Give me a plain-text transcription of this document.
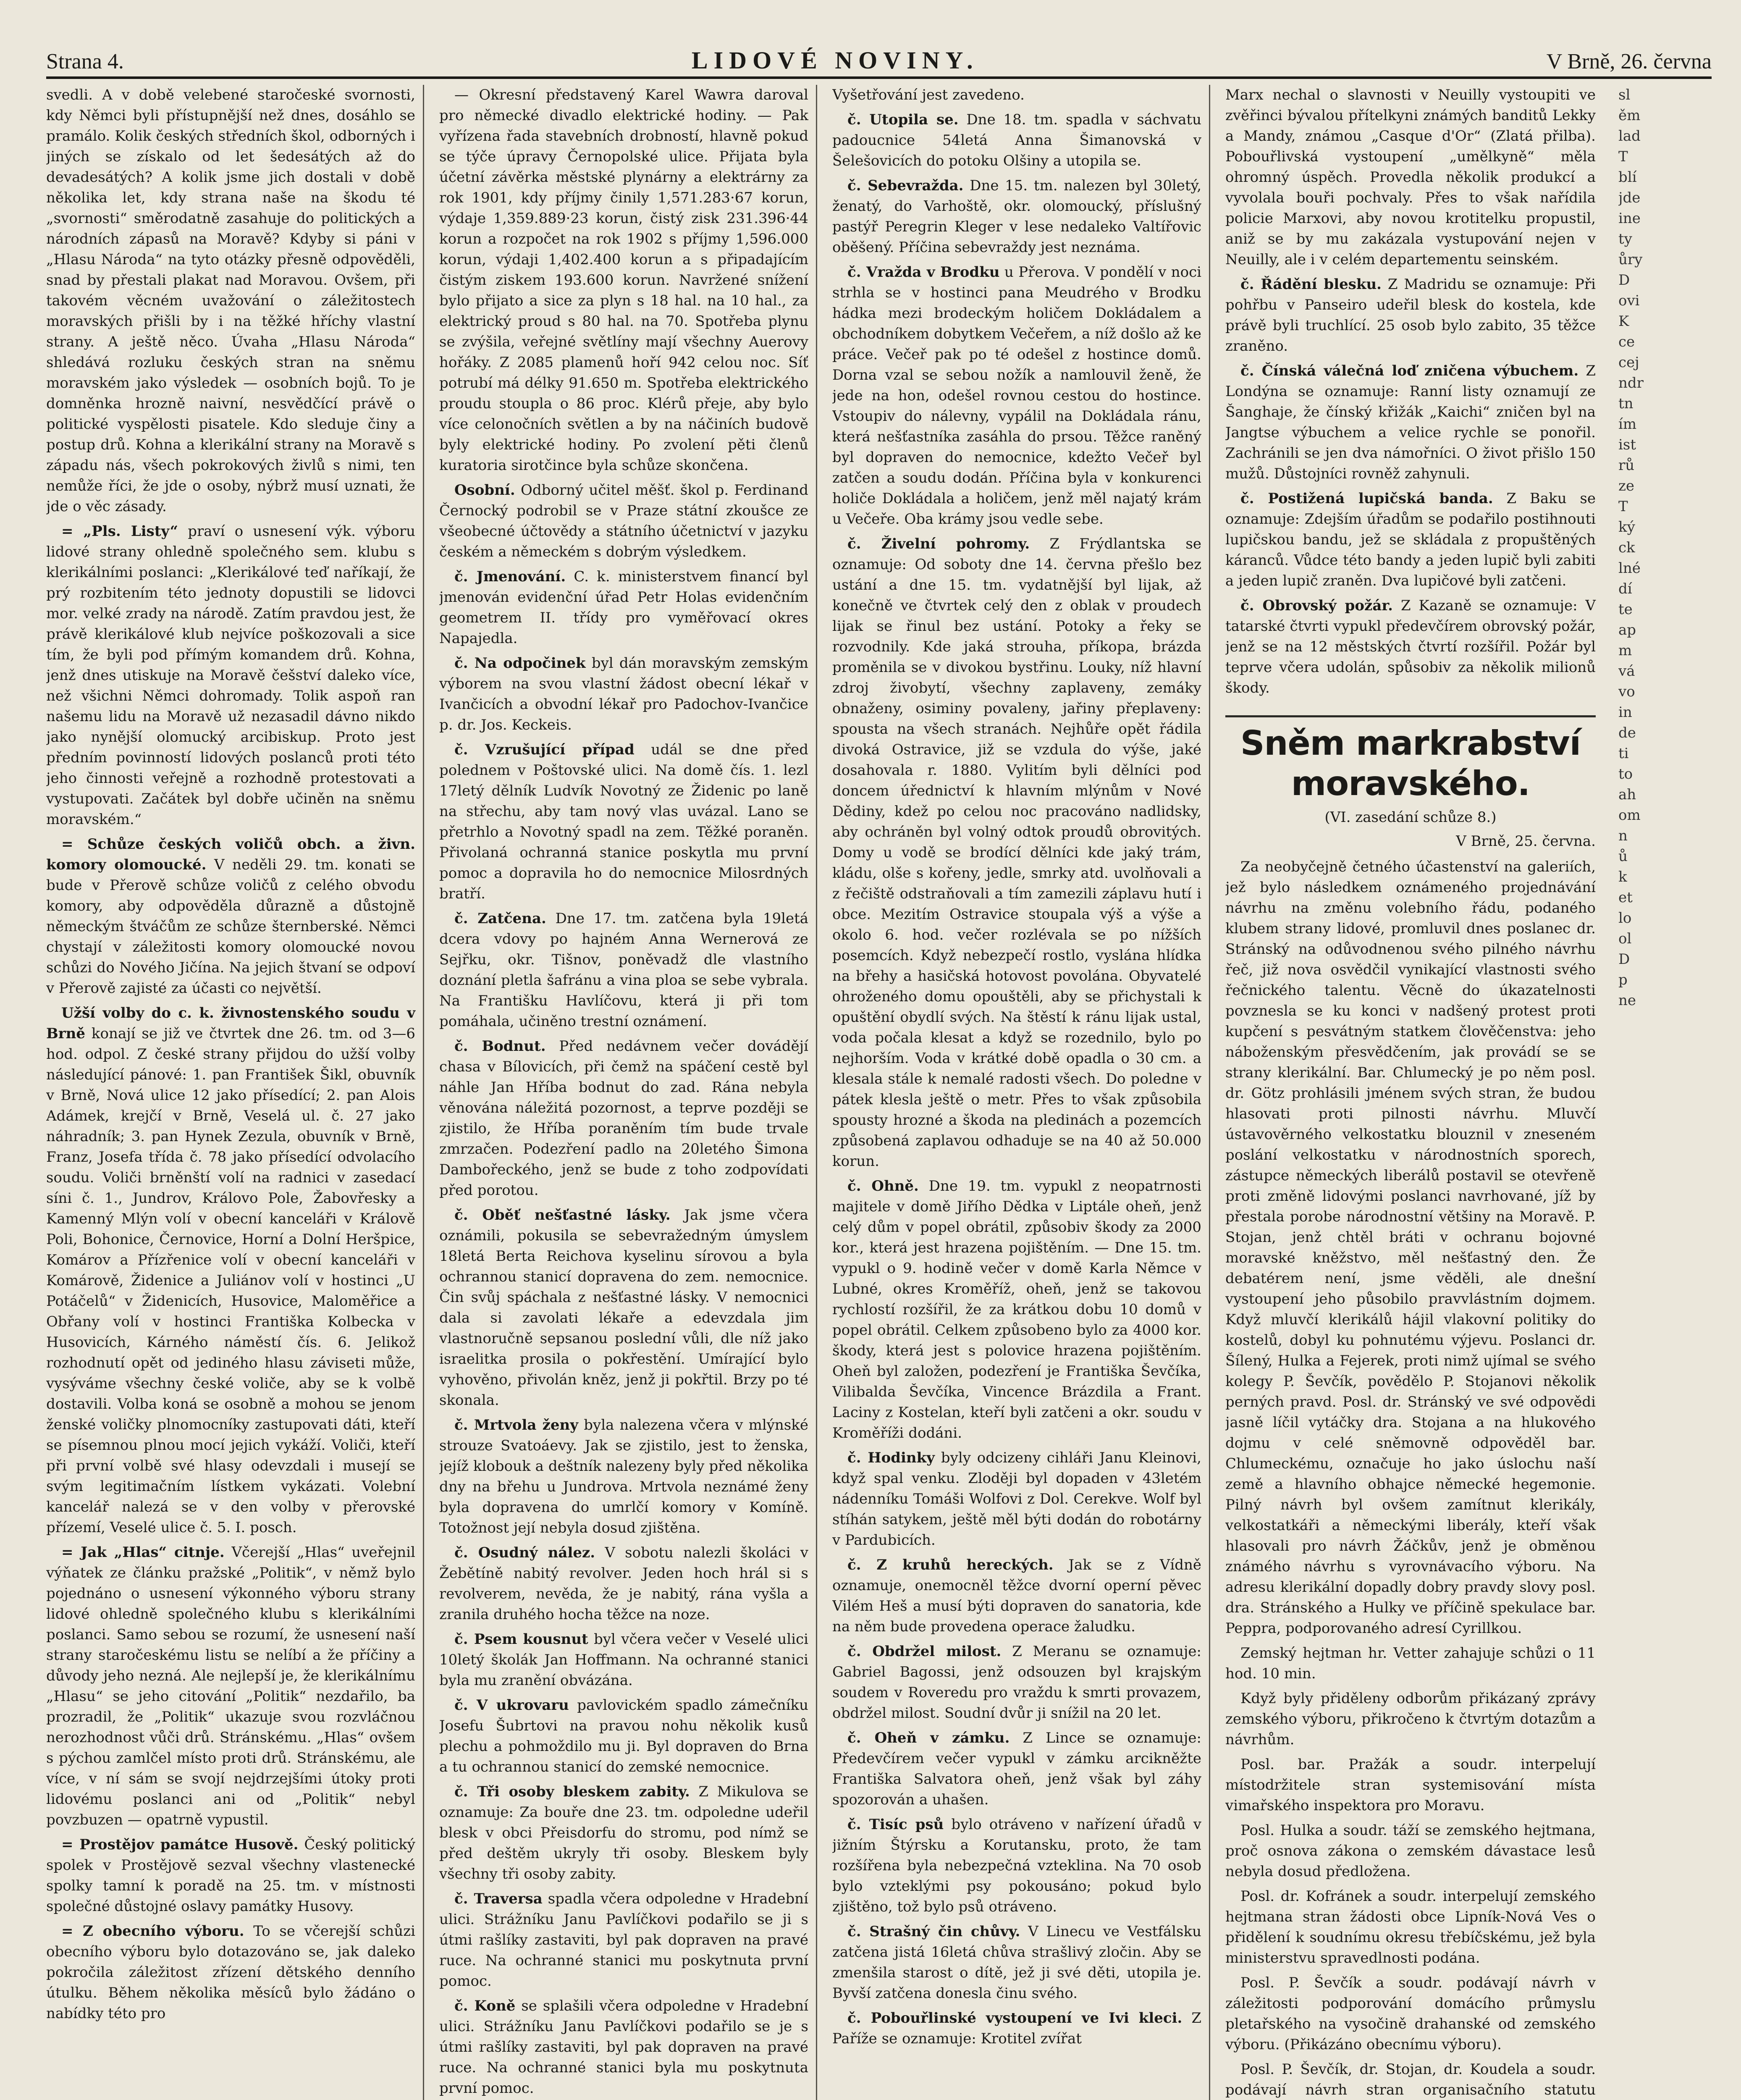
Strana 4.	LIDOVÉ NOVINY.	V Brně, 26. června

svedli. A v době velebené staročeské svornosti, kdy Němci byli přístupnější než dnes, dosáhlo se pramálo. Kolik českých středních škol, odborných i jiných se získalo od let šedesátých až do devadesátých? A kolik jsme jich dostali v době několika let, kdy strana naše na škodu té „svornosti“ směrodatně zasahuje do politických a národních zápasů na Moravě? Kdyby si páni v „Hlasu Národa“ na tyto otázky přesně odpověděli, snad by přestali plakat nad Moravou. Ovšem, při takovém věcném uvažování o záležitostech moravských přišli by i na těžké hříchy vlastní strany. A ještě něco. Úvaha „Hlasu Národa“ shledává rozluku českých stran na sněmu moravském jako výsledek — osobních bojů. To je domněnka hrozně naivní, nesvědčící právě o politické vyspělosti pisatele. Kdo sleduje činy a postup drů. Kohna a klerikální strany na Moravě s západu nás, všech pokrokových živlů s nimi, ten nemůže říci, že jde o osoby, nýbrž musí uznati, že jde o věc zásady.

= „Pls. Listy“ praví o usnesení výk. výboru lidové strany ohledně společného sem. klubu s klerikálními poslanci: „Klerikálové teď naříkají, že prý rozbitením této jednoty dopustili se lidovci mor. velké zrady na národě. Zatím pravdou jest, že právě klerikálové klub nejvíce poškozovali a sice tím, že byli pod přímým komandem drů. Kohna, jenž dnes utiskuje na Moravě češství daleko více, než všichni Němci dohromady. Tolik aspoň ran našemu lidu na Moravě už nezasadil dávno nikdo jako nynější olomucký arcibiskup. Proto jest předním povinností lidových poslanců proti této jeho činnosti veřejně a rozhodně protestovati a vystupovati. Začátek byl dobře učiněn na sněmu moravském.“

= Schůze českých voličů obch. a živn. komory olomoucké. V neděli 29. tm. konati se bude v Přerově schůze voličů z celého obvodu komory, aby odpověděla důrazně a důstojně německým štváčům ze schůze šternberské. Němci chystají v záležitosti komory olomoucké novou schůzi do Nového Jičína. Na jejich štvaní se odpoví v Přerově zajisté za účasti co největší.

Užší volby do c. k. živnostenského soudu v Brně konají se již ve čtvrtek dne 26. tm. od 3—6 hod. odpol. Z české strany přijdou do užší volby následující pánové: 1. pan František Šikl, obuvník v Brně, Nová ulice 12 jako přísedící; 2. pan Alois Adámek, krejčí v Brně, Veselá ul. č. 27 jako náhradník; 3. pan Hynek Zezula, obuvník v Brně, Franz, Josefa třída č. 78 jako přísedící odvolacího soudu. Voliči brněnští volí na radnici v zasedací síni č. 1., Jundrov, Královo Pole, Žabovřesky a Kamenný Mlýn volí v obecní kanceláři v Králově Poli, Bohonice, Černovice, Horní a Dolní Heršpice, Komárov a Přízřenice volí v obecní kanceláři v Komárově, Židenice a Juliánov volí v hostinci „U Potáčelů“ v Židenicích, Husovice, Maloměřice a Obřany volí v hostinci Františka Kolbecka v Husovicích, Kárného náměstí čís. 6. Jelikož rozhodnutí opět od jediného hlasu záviseti může, vysýváme všechny české voliče, aby se k volbě dostavili. Volba koná se osobně a mohou se jenom ženské voličky plnomocníky zastupovati dáti, kteří se písemnou plnou mocí jejich vykáží. Voliči, kteří při první volbě své hlasy odevzdali i musejí se svým legitimačním lístkem vykázati. Volební kancelář nalezá se v den volby v přerovské přízemí, Veselé ulice č. 5. I. posch.

= Jak „Hlas“ citnje. Včerejší „Hlas“ uveřejnil výňatek ze článku pražské „Politik“, v němž bylo pojednáno o usnesení výkonného výboru strany lidové ohledně společného klubu s klerikálními poslanci. Samo sebou se rozumí, že usnesení naší strany staročeskému listu se nelíbí a že příčiny a důvody jeho nezná. Ale nejlepší je, že klerikálnímu „Hlasu“ se jeho citování „Politik“ nezdařilo, ba prozradil, že „Politik“ ukazuje svou rozvláčnou nerozhodnost vůči drů. Stránskému. „Hlas“ ovšem s pýchou zamlčel místo proti drů. Stránskému, ale více, v ní sám se svojí nejdrzejšími útoky proti lidovému poslanci ani od „Politik“ nebyl povzbuzen — opatrně vypustil.

= Prostějov památce Husově. Český politický spolek v Prostějově sezval všechny vlastenecké spolky tamní k poradě na 25. tm. v místnosti společné důstojné oslavy památky Husovy.

= Z obecního výboru. To se včerejší schůzi obecního výboru bylo dotazováno se, jak daleko pokročila záležitost zřízení dětského denního útulku. Během několika měsíců bylo žádáno o nabídky této pro

— Okresní představený Karel Wawra daroval pro německé divadlo elektrické hodiny. — Pak vyřízena řada stavebních drobností, hlavně pokud se týče úpravy Černopolské ulice. Přijata byla účetní závěrka městské plynárny a elektrárny za rok 1901, kdy příjmy činily 1,571.283·67 korun, výdaje 1,359.889·23 korun, čistý zisk 231.396·44 korun a rozpočet na rok 1902 s příjmy 1,596.000 korun, výdaji 1,402.400 korun a s připadajícím čistým ziskem 193.600 korun. Navržené snížení bylo přijato a sice za plyn s 18 hal. na 10 hal., za elektrický proud s 80 hal. na 70. Spotřeba plynu se zvýšila, veřejné světlíny mají všechny Auerovy hořáky. Z 2085 plamenů hoří 942 celou noc. Síť potrubí má délky 91.650 m. Spotřeba elektrického proudu stoupla o 86 proc. Klérů přeje, aby bylo více celonočních světlen a by na náčiních budově byly elektrické hodiny. Po zvolení pěti členů kuratoria sirotčince byla schůze skončena.

Osobní. Odborný učitel měšť. škol p. Ferdinand Černocký podrobil se v Praze státní zkoušce ze všeobecné účtovědy a státního účetnictví v jazyku českém a německém s dobrým výsledkem.

č. Jmenování. C. k. ministerstvem financí byl jmenován evidenční úřad Petr Holas evidenčním geometrem II. třídy pro vyměřovací okres Napajedla.

č. Na odpočinek byl dán moravským zemským výborem na svou vlastní žádost obecní lékař v Ivančicích a obvodní lékař pro Padochov-Ivančice p. dr. Jos. Keckeis.

č. Vzrušující případ udál se dne před polednem v Poštovské ulici. Na domě čís. 1. lezl 17letý dělník Ludvík Novotný ze Židenic po laně na střechu, aby tam nový vlas uvázal. Lano se přetrhlo a Novotný spadl na zem. Těžké poraněn. Přivolaná ochranná stanice poskytla mu první pomoc a dopravila ho do nemocnice Milosrdných bratří.

č. Zatčena. Dne 17. tm. zatčena byla 19letá dcera vdovy po hajném Anna Wernerová ze Sejřku, okr. Tišnov, poněvadž dle vlastního doznání pletla šafránu a vina ploa se sebe vybrala. Na Františku Havlíčovu, která ji při tom pomáhala, učiněno trestní oznámení.

č. Bodnut. Před nedávnem večer dovádějí chasa v Bílovicích, při čemž na spáčení cestě byl náhle Jan Hříba bodnut do zad. Rána nebyla věnována náležitá pozornost, a teprve později se zjistilo, že Hříba poraněním tím bude trvale zmrzačen. Podezření padlo na 20letého Šimona Dambořeckého, jenž se bude z toho zodpovídati před porotou.

č. Oběť nešťastné lásky. Jak jsme včera oznámili, pokusila se sebevražedným úmyslem 18letá Berta Reichova kyselinu sírovou a byla ochrannou stanicí dopravena do zem. nemocnice. Čin svůj spáchala z nešťastné lásky. V nemocnici dala si zavolati lékaře a edevzdala jim vlastnoručně sepsanou poslední vůli, dle níž jako israelitka prosila o pokřestění. Umírající bylo vyhověno, přivolán kněz, jenž ji pokřtil. Brzy po té skonala.

č. Mrtvola ženy byla nalezena včera v mlýnské strouze Svatoáevy. Jak se zjistilo, jest to ženska, jejíž klobouk a deštník nalezeny byly před několika dny na břehu u Jundrova. Mrtvola neznámé ženy byla dopravena do umrlčí komory v Komíně. Totožnost její nebyla dosud zjištěna.

č. Osudný nález. V sobotu nalezli školáci v Žebětíně nabitý revolver. Jeden hoch hrál si s revolverem, nevěda, že je nabitý, rána vyšla a zranila druhého hocha těžce na noze.

č. Psem kousnut byl včera večer v Veselé ulici 10letý školák Jan Hoffmann. Na ochranné stanici byla mu zranění obvázána.

č. V ukrovaru pavlovickém spadlo zámečníku Josefu Šubrtovi na pravou nohu několik kusů plechu a pohmoždilo mu ji. Byl dopraven do Brna a tu ochrannou stanicí do zemské nemocnice.

č. Tři osoby bleskem zabity. Z Mikulova se oznamuje: Za bouře dne 23. tm. odpoledne udeřil blesk v obci Přeisdorfu do stromu, pod nímž se před deštěm ukryly tři osoby. Bleskem byly všechny tři osoby zabity.

č. Traversa spadla včera odpoledne v Hradební ulici. Strážníku Janu Pavlíčkovi podařilo se ji s útmi rašlíky zastaviti, byl pak dopraven na pravé ruce. Na ochranné stanici mu poskytnuta první pomoc.

č. Koně se splašili včera odpoledne v Hradební ulici. Strážníku Janu Pavlíčkovi podařilo se je s útmi rašlíky zastaviti, byl pak dopraven na pravé ruce. Na ochranné stanici byla mu poskytnuta první pomoc.

Vyšetřování jest zavedeno.

č. Utopila se. Dne 18. tm. spadla v sáchvatu padoucnice 54letá Anna Šimanovská v Šelešovicích do potoku Olšiny a utopila se.

č. Sebevražda. Dne 15. tm. nalezen byl 30letý, ženatý, do Varhoště, okr. olomoucký, příslušný pastýř Peregrin Kleger v lese nedaleko Valtířovic oběšený. Příčina sebevraždy jest neznáma.

č. Vražda v Brodku u Přerova. V pondělí v noci strhla se v hostinci pana Meudrého v Brodku hádka mezi brodeckým holičem Dokládalem a obchodníkem dobytkem Večeřem, a níž došlo až ke práce. Večeř pak po té odešel z hostince domů. Dorna vzal se sebou nožík a namlouvil ženě, že jede na hon, odešel rovnou cestou do hostince. Vstoupiv do nálevny, vypálil na Dokládala ránu, která nešťastníka zasáhla do prsou. Těžce raněný byl dopraven do nemocnice, kdežto Večeř byl zatčen a soudu dodán. Příčina byla v konkurenci holiče Dokládala a holičem, jenž měl najatý krám u Večeře. Oba krámy jsou vedle sebe.

č. Živelní pohromy. Z Frýdlantska se oznamuje: Od soboty dne 14. června přešlo bez ustání a dne 15. tm. vydatnější byl lijak, až konečně ve čtvrtek celý den z oblak v proudech lijak se řinul bez ustání. Potoky a řeky se rozvodnily. Kde jaká strouha, příkopa, brázda proměnila se v divokou bystřinu. Louky, níž hlavní zdroj živobytí, všechny zaplaveny, zemáky obnaženy, osiminy povaleny, jařiny přeplaveny: spousta na všech stranách. Nejhůře opět řádila divoká Ostravice, již se vzdula do výše, jaké dosahovala r. 1880. Vylitím byli dělníci pod doncem úřednictví k hlavním mlýnům v Nové Dědiny, kdež po celou noc pracováno nadlidsky, aby ochráněn byl volný odtok proudů obrovitých. Domy u vodě se brodící dělníci kde jaký trám, kládu, olše s kořeny, jedle, smrky atd. uvolňovali a z řečiště odstraňovali a tím zamezili záplavu hutí i obce. Mezitím Ostravice stoupala výš a výše a okolo 6. hod. večer rozlévala se po nížších posemcích. Když nebezpečí rostlo, vyslána hlídka na břehy a hasičská hotovost povolána. Obyvatelé ohroženého domu opouštěli, aby se přichystali k opuštění obydlí svých. Na štěstí k ránu lijak ustal, voda počala klesat a když se rozednilo, bylo po nejhorším. Voda v krátké době opadla o 30 cm. a klesala stále k nemalé radosti všech. Do poledne v pátek klesla ještě o metr. Přes to však způsobila spousty hrozné a škoda na pledinách a pozemcích způsobená zaplavou odhaduje se na 40 až 50.000 korun.

č. Ohně. Dne 19. tm. vypukl z neopatrnosti majitele v domě Jiřího Dědka v Liptále oheň, jenž celý dům v popel obrátil, způsobiv škody za 2000 kor., která jest hrazena pojištěním. — Dne 15. tm. vypukl o 9. hodině večer v domě Karla Němce v Lubné, okres Kroměříž, oheň, jenž se takovou rychlostí rozšířil, že za krátkou dobu 10 domů v popel obrátil. Celkem způsobeno bylo za 4000 kor. škody, která jest s polovice hrazena pojištěním. Oheň byl založen, podezření je Františka Ševčíka, Vilibalda Ševčíka, Vincence Brázdila a Frant. Laciny z Kostelan, kteří byli zatčeni a okr. soudu v Kroměříži dodáni.

č. Hodinky byly odcizeny cihláři Janu Kleinovi, když spal venku. Zloději byl dopaden v 43letém nádenníku Tomáši Wolfovi z Dol. Cerekve. Wolf byl stíhán satykem, ještě měl býti dodán do robotárny v Pardubicích.

č. Z kruhů hereckých. Jak se z Vídně oznamuje, onemocněl těžce dvorní operní pěvec Vilém Heš a musí býti dopraven do sanatoria, kde na něm bude provedena operace žaludku.

č. Obdržel milost. Z Meranu se oznamuje: Gabriel Bagossi, jenž odsouzen byl krajským soudem v Roveredu pro vraždu k smrti provazem, obdržel milost. Soudní dvůr ji snížil na 20 let.

č. Oheň v zámku. Z Lince se oznamuje: Předevčírem večer vypukl v zámku arcikněžte Františka Salvatora oheň, jenž však byl záhy spozorován a uhašen.

č. Tisíc psů bylo otráveno v nařízení úřadů v jižním Štýrsku a Korutansku, proto, že tam rozšířena byla nebezpečná vzteklina. Na 70 osob bylo vzteklými psy pokousáno; pokud bylo zjištěno, tož bylo psů otráveno.

č. Strašný čin chůvy. V Linecu ve Vestfálsku zatčena jistá 16letá chůva strašlivý zločin. Aby se zmenšila starost o dítě, jež ji své děti, utopila je. Byvší zatčena donesla činu svého.

č. Pobouřlinské vystoupení ve Ivi kleci. Z Paříže se oznamuje: Krotitel zvířat

Marx nechal o slavnosti v Neuilly vystoupiti ve zvěřinci bývalou přítelkyni známých banditů Lekky a Mandy, známou „Casque d'Or“ (Zlatá přilba). Pobouřlivská vystoupení „umělkyně“ měla ohromný úspěch. Provedla několik produkcí a vyvolala bouři pochvaly. Přes to však nařídila policie Marxovi, aby novou krotitelku propustil, aniž se by mu zakázala vystupování nejen v Neuilly, ale i v celém departementu seinském.

č. Řádění blesku. Z Madridu se oznamuje: Při pohřbu v Panseiro udeřil blesk do kostela, kde právě byli truchlící. 25 osob bylo zabito, 35 těžce zraněno.

č. Čínská válečná loď zničena výbuchem. Z Londýna se oznamuje: Ranní listy oznamují ze Šanghaje, že čínský křižák „Kaichi“ zničen byl na Jangtse výbuchem a velice rychle se ponořil. Zachránili se jen dva námořníci. O život přišlo 150 mužů. Důstojníci rovněž zahynuli.

č. Postižená lupičská banda. Z Baku se oznamuje: Zdejším úřadům se podařilo postihnouti lupičskou bandu, jež se skládala z propuštěných káranců. Vůdce této bandy a jeden lupič byli zabiti a jeden lupič zraněn. Dva lupičové byli zatčeni.

č. Obrovský požár. Z Kazaně se oznamuje: V tatarské čtvrti vypukl předevčírem obrovský požár, jenž se na 12 městských čtvrtí rozšířil. Požár byl teprve včera udolán, spůsobiv za několik milionů škody.

Sněm markrabství moravského.
(VI. zasedání schůze 8.)
V Brně, 25. června.

Za neobyčejně četného účastenství na galeriích, jež bylo následkem oznámeného projednávání návrhu na změnu volebního řádu, podaného klubem strany lidové, promluvil dnes poslanec dr. Stránský na odůvodnenou svého pilného návrhu řeč, již nova osvědčil vynikající vlastnosti svého řečnického talentu. Věcně do úkazatelnosti povznesla se ku konci v nadšený protest proti kupčení s pesvátným statkem člověčenstva: jeho náboženským přesvědčením, jak provádí se se strany klerikální. Bar. Chlumecký je po něm posl. dr. Götz prohlásili jménem svých stran, že budou hlasovati proti pilnosti návrhu. Mluvčí ústavověrného velkostatku blouznil v zneseném poslání velkostatku v národnostních sporech, zástupce německých liberálů postavil se otevřeně proti změně lidovými poslanci navrhované, jíž by přestala porobe národnostní většiny na Moravě. P. Stojan, jenž chtěl bráti v ochranu bojovné moravské kněžstvo, měl nešťastný den. Že debatérem není, jsme věděli, ale dnešní vystoupení jeho působilo pravvlástním dojmem. Když mluvčí klerikálů hájil vlakovní politiky do kostelů, dobyl ku pohnutému výjevu. Poslanci dr. Šílený, Hulka a Fejerek, proti nimž ujímal se svého kolegy P. Ševčík, povědělo P. Stojanovi několik perných pravd. Posl. dr. Stránský ve své odpovědi jasně líčil vytáčky dra. Stojana a na hlukového dojmu v celé sněmovně odpověděl bar. Chlumeckému, označuje ho jako úslochu naší země a hlavního obhajce německé hegemonie. Pilný návrh byl ovšem zamítnut klerikály, velkostatkáři a německými liberály, kteří však hlasovali pro návrh Žáčkův, jenž je obměnou známého návrhu s vyrovnávacího výboru. Na adresu klerikální dopadly dobry pravdy slovy posl. dra. Stránského a Hulky ve příčině spekulace bar. Peppra, podporovaného adresí Cyrillkou.

Zemský hejtman hr. Vetter zahajuje schůzi o 11 hod. 10 min.

Když byly přiděleny odborům přikázaný zprávy zemského výboru, přikročeno k čtvrtým dotazům a návrhům.

Posl. bar. Pražák a soudr. interpelují místodržitele stran systemisování místa vimařského inspektora pro Moravu.

Posl. Hulka a soudr. táží se zemského hejtmana, proč osnova zákona o zemském dávastace lesů nebyla dosud předložena.

Posl. dr. Kofránek a soudr. interpelují zemského hejtmana stran žádosti obce Lipník-Nová Ves o přidělení k soudnímu okresu třebíčskému, jež byla ministerstvu spravedlnosti podána.

Posl. P. Ševčík a soudr. podávají návrh v záležitosti podporování domácího průmyslu pletařského na vysočině drahanské od zemského výboru. (Přikázáno obecnímu výboru).

Posl. P. Ševčík, dr. Stojan, dr. Koudela a soudr. podávají návrh stran organisačního statutu

sl
ěm
lad
T
blí
jde
ine
ty
ůry
D
ovi
K
ce
cej
ndr
tn
ím
ist
rů
ze
T
ký
ck
lné
dí
te
ap
m
vá
vo
in
de
ti
to
ah
om
n
ů
k
et
lo
ol
D
p
ne
